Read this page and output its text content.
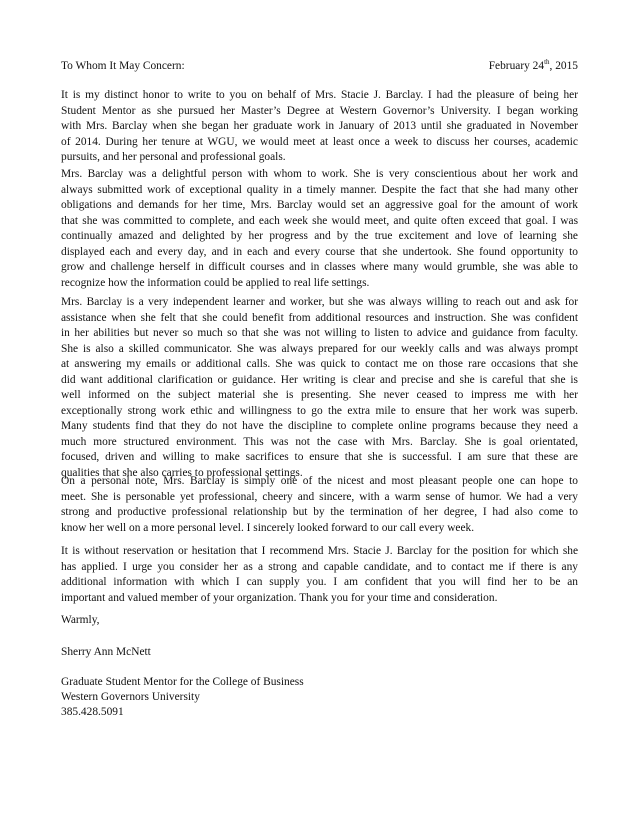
To Whom It May Concern:	February 24th, 2015
It is my distinct honor to write to you on behalf of Mrs. Stacie J. Barclay. I had the pleasure of being her
Student Mentor as she pursued her Master’s Degree at Western Governor’s University. I began working
with Mrs. Barclay when she began her graduate work in January of 2013 until she graduated in November
of 2014. During her tenure at WGU, we would meet at least once a week to discuss her courses, academic
pursuits, and her personal and professional goals.
Mrs. Barclay was a delightful person with whom to work. She is very conscientious about her work and
always submitted work of exceptional quality in a timely manner. Despite the fact that she had many other
obligations and demands for her time, Mrs. Barclay would set an aggressive goal for the amount of work
that she was committed to complete, and each week she would meet, and quite often exceed that goal. I was
continually amazed and delighted by her progress and by the true excitement and love of learning she
displayed each and every day, and in each and every course that she undertook. She found opportunity to
grow and challenge herself in difficult courses and in classes where many would grumble, she was able to
recognize how the information could be applied to real life settings.
Mrs. Barclay is a very independent learner and worker, but she was always willing to reach out and ask for
assistance when she felt that she could benefit from additional resources and instruction. She was confident
in her abilities but never so much so that she was not willing to listen to advice and guidance from faculty.
She is also a skilled communicator. She was always prepared for our weekly calls and was always prompt
at answering my emails or additional calls. She was quick to contact me on those rare occasions that she
did want additional clarification or guidance. Her writing is clear and precise and she is careful that she is
well informed on the subject material she is presenting. She never ceased to impress me with her
exceptionally strong work ethic and willingness to go the extra mile to ensure that her work was superb.
Many students find that they do not have the discipline to complete online programs because they need a
much more structured environment. This was not the case with Mrs. Barclay. She is goal orientated,
focused, driven and willing to make sacrifices to ensure that she is successful. I am sure that these are
qualities that she also carries to professional settings.
On a personal note, Mrs. Barclay is simply one of the nicest and most pleasant people one can hope to
meet. She is personable yet professional, cheery and sincere, with a warm sense of humor. We had a very
strong and productive professional relationship but by the termination of her degree, I had also come to
know her well on a more personal level. I sincerely looked forward to our call every week.
It is without reservation or hesitation that I recommend Mrs. Stacie J. Barclay for the position for which she
has applied. I urge you consider her as a strong and capable candidate, and to contact me if there is any
additional information with which I can supply you. I am confident that you will find her to be an
important and valued member of your organization. Thank you for your time and consideration.
Warmly,
Sherry Ann McNett
Graduate Student Mentor for the College of Business
Western Governors University
385.428.5091
